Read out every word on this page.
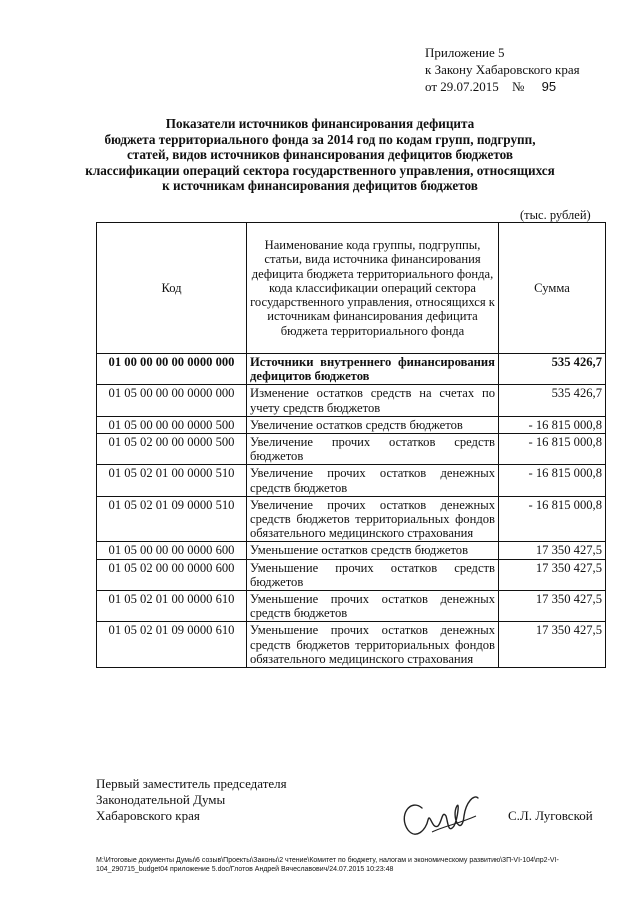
Приложение 5
к Закону Хабаровского края
от 29.07.2015 № 95
Показатели источников финансирования дефицита
бюджета территориального фонда за 2014 год по кодам групп, подгрупп,
статей, видов источников финансирования дефицитов бюджетов
классификации операций сектора государственного управления, относящихся
к источникам финансирования дефицитов бюджетов
(тыс. рублей)
Код	Наименование кода группы, подгруппы, статьи, вида источника финансирования дефицита бюджета территориального фонда, кода классификации операций сектора государственного управления, относящихся к источникам финансирования дефицита бюджета территориального фонда	Сумма
01 00 00 00 00 0000 000	Источники внутреннего финансирования дефицитов бюджетов	535 426,7
01 05 00 00 00 0000 000	Изменение остатков средств на счетах по учету средств бюджетов	535 426,7
01 05 00 00 00 0000 500	Увеличение остатков средств бюджетов	- 16 815 000,8
01 05 02 00 00 0000 500	Увеличение прочих остатков средств бюджетов	- 16 815 000,8
01 05 02 01 00 0000 510	Увеличение прочих остатков денежных средств бюджетов	- 16 815 000,8
01 05 02 01 09 0000 510	Увеличение прочих остатков денежных средств бюджетов территориальных фондов обязательного медицинского страхования	- 16 815 000,8
01 05 00 00 00 0000 600	Уменьшение остатков средств бюджетов	17 350 427,5
01 05 02 00 00 0000 600	Уменьшение прочих остатков средств бюджетов	17 350 427,5
01 05 02 01 00 0000 610	Уменьшение прочих остатков денежных средств бюджетов	17 350 427,5
01 05 02 01 09 0000 610	Уменьшение прочих остатков денежных средств бюджетов территориальных фондов обязательного медицинского страхования	17 350 427,5
Первый заместитель председателя
Законодательной Думы
Хабаровского края	С.Л. Луговской
M:\Итоговые документы Думы\6 созыв\Проекты\Законы\2 чтение\Комитет по бюджету, налогам и экономическому развитию\3П-VI-104\пр2-VI-
104_290715_budget04 приложение 5.doc/Глотов Андрей Вячеславович/24.07.2015 10:23:48
